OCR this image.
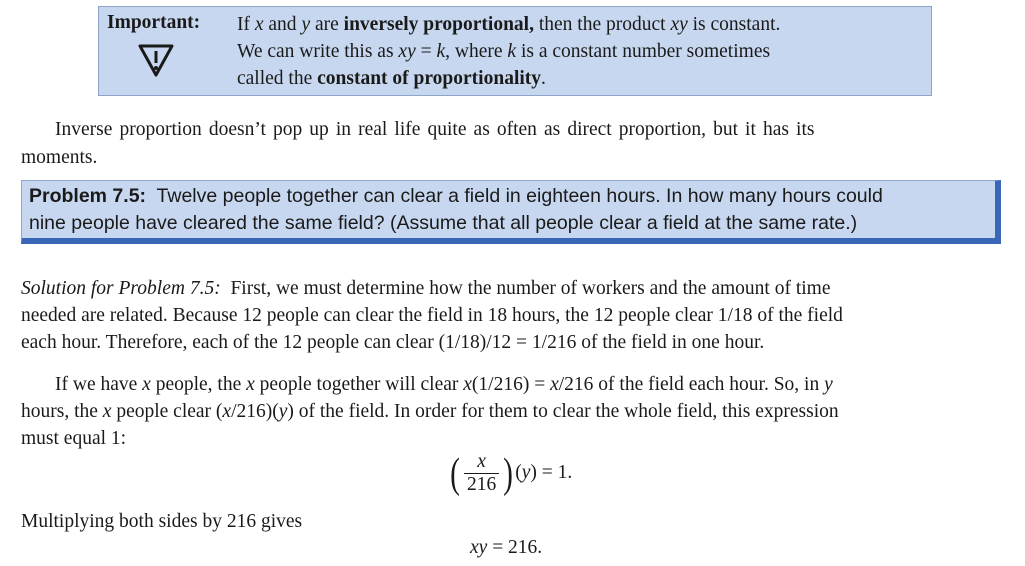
Important: If x and y are inversely proportional, then the product xy is constant.
We can write this as xy = k, where k is a constant number sometimes
called the constant of proportionality.
Inverse proportion doesn’t pop up in real life quite as often as direct proportion, but it has its
moments.
Problem 7.5:  Twelve people together can clear a field in eighteen hours. In how many hours could
nine people have cleared the same field? (Assume that all people clear a field at the same rate.)
Solution for Problem 7.5:  First, we must determine how the number of workers and the amount of time
needed are related. Because 12 people can clear the field in 18 hours, the 12 people clear 1/18 of the field
each hour. Therefore, each of the 12 people can clear (1/18)/12 = 1/216 of the field in one hour.
If we have x people, the x people together will clear x(1/216) = x/216 of the field each hour. So, in y
hours, the x people clear (x/216)(y) of the field. In order for them to clear the whole field, this expression
must equal 1:
( $\frac{x}{216}$ ) (y) = 1.
Multiplying both sides by 216 gives
xy = 216.
